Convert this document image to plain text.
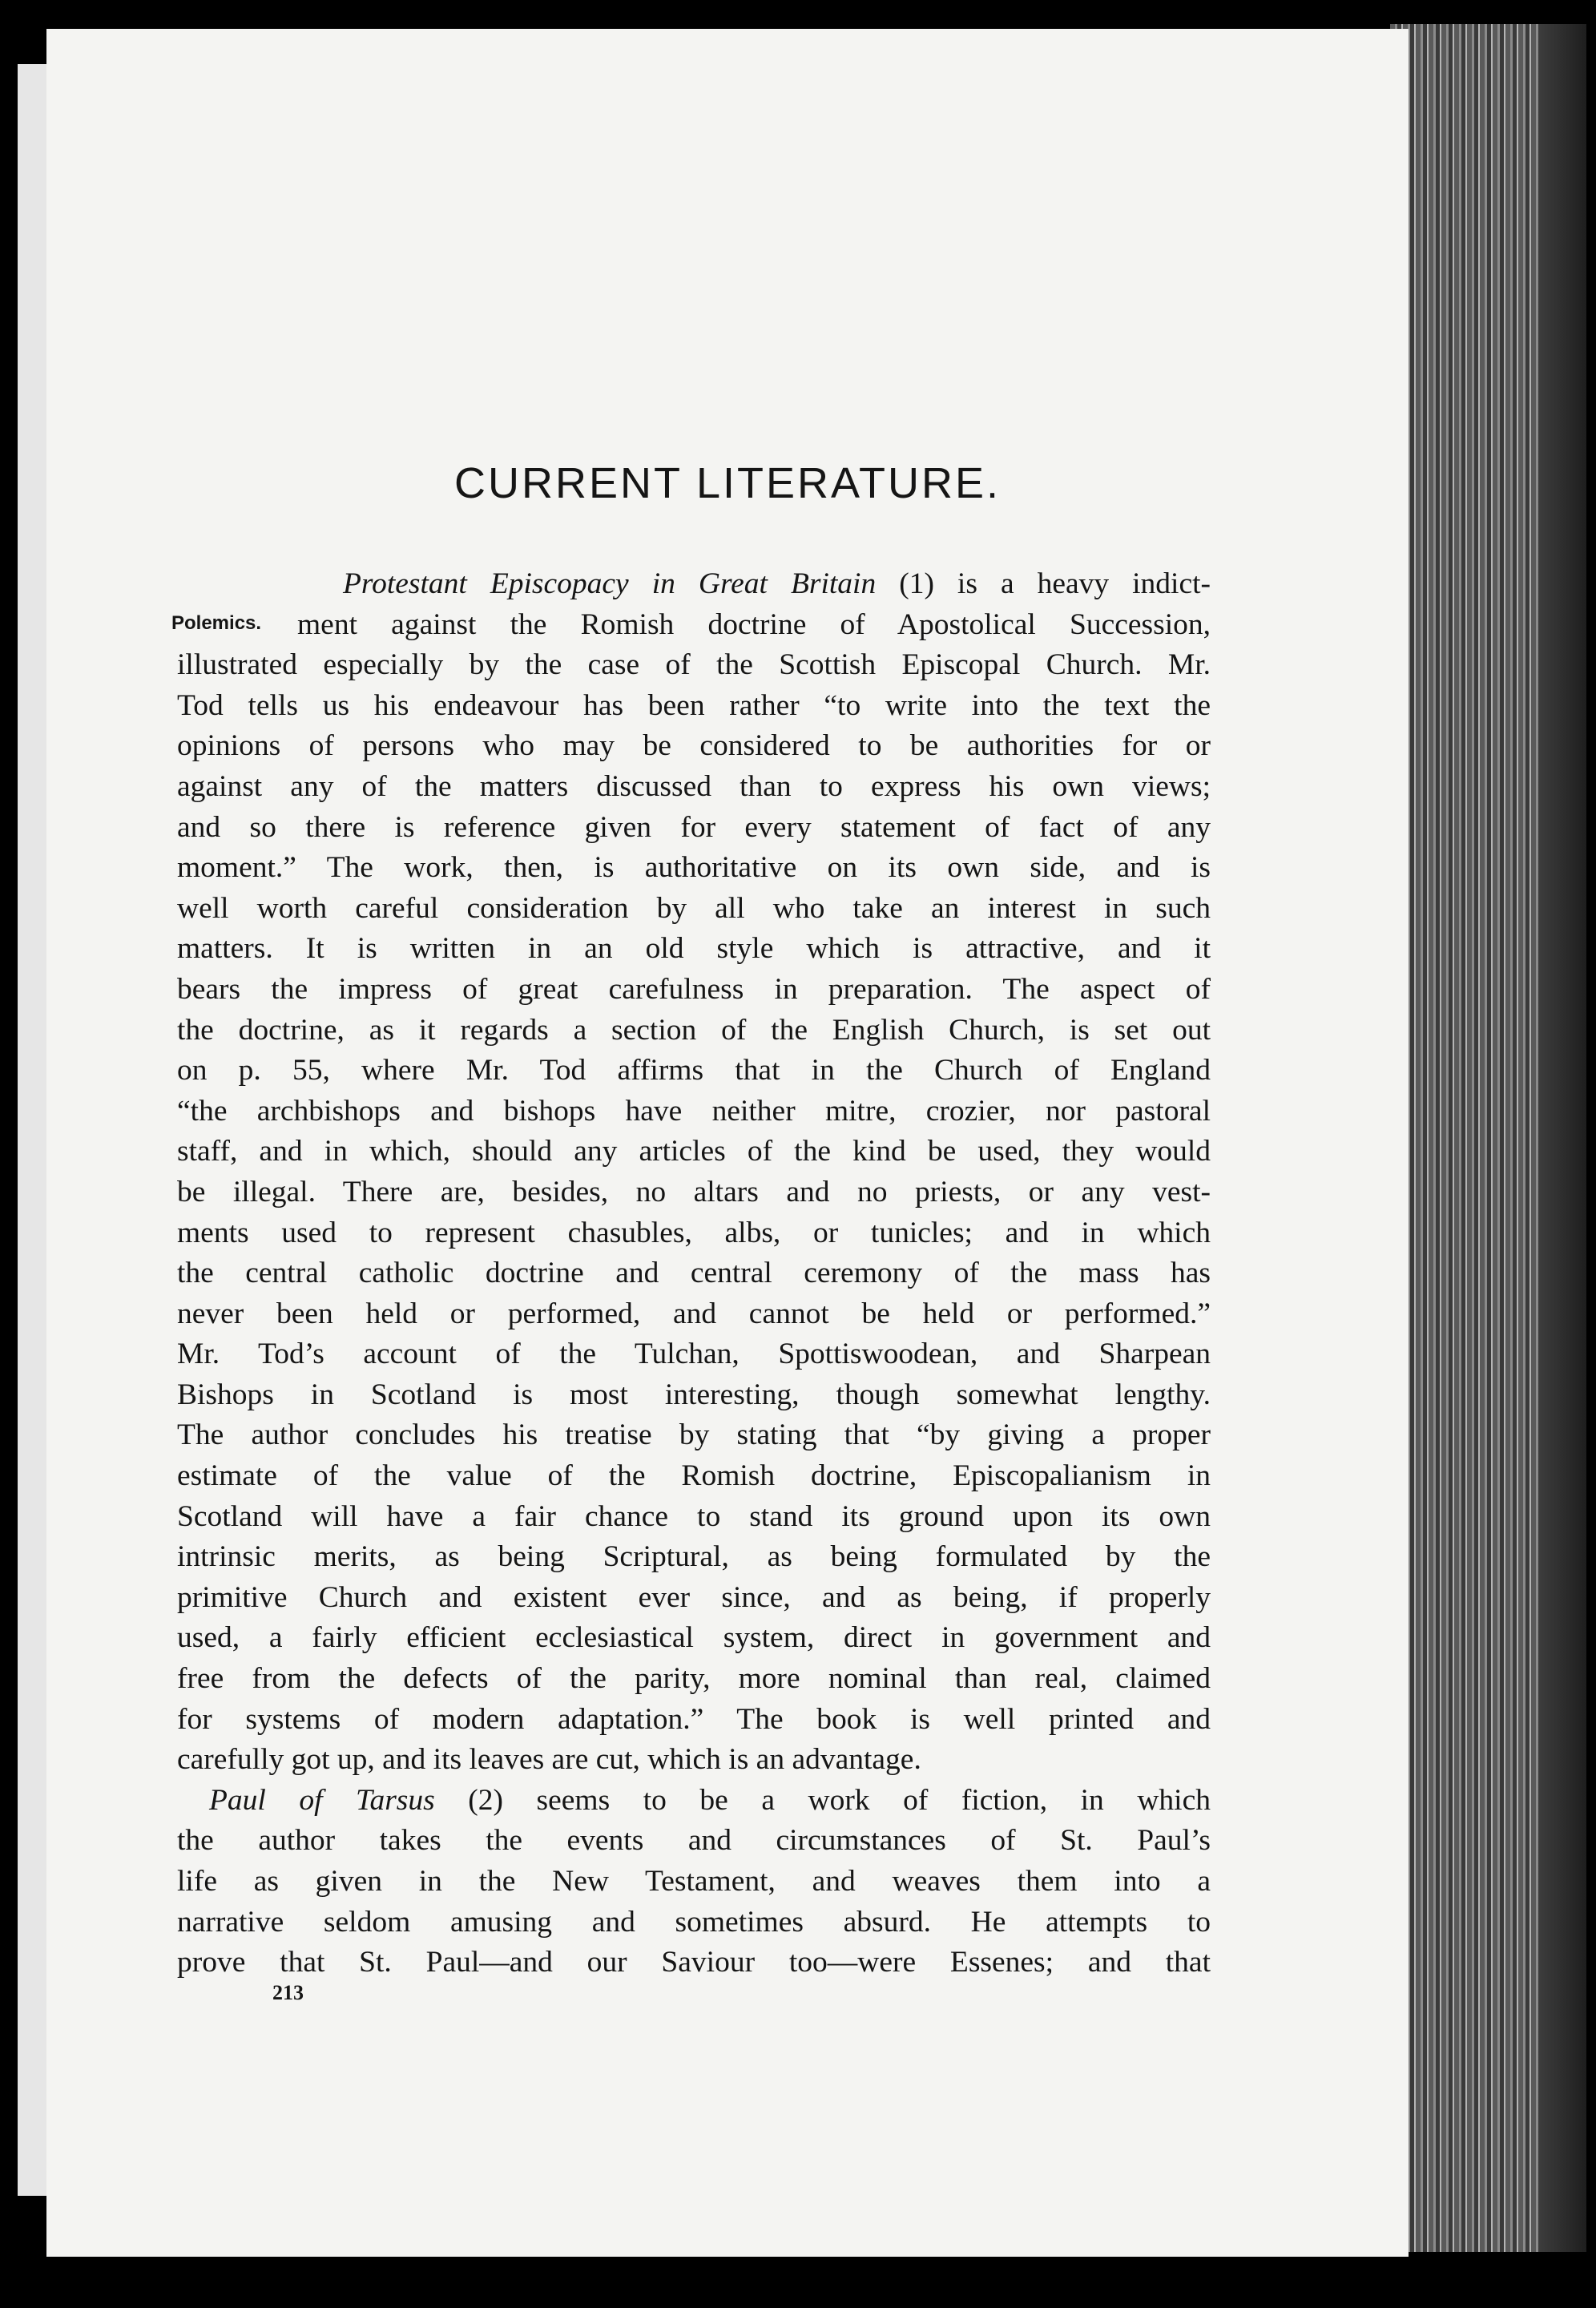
CURRENT LITERATURE.
Polemics.
Protestant Episcopacy in Great Britain (1) is a heavy indict-
ment against the Romish doctrine of Apostolical Succession,
illustrated especially by the case of the Scottish Episcopal Church. Mr.
Tod tells us his endeavour has been rather “to write into the text the
opinions of persons who may be considered to be authorities for or
against any of the matters discussed than to express his own views;
and so there is reference given for every statement of fact of any
moment.” The work, then, is authoritative on its own side, and is
well worth careful consideration by all who take an interest in such
matters. It is written in an old style which is attractive, and it
bears the impress of great carefulness in preparation. The aspect of
the doctrine, as it regards a section of the English Church, is set out
on p. 55, where Mr. Tod affirms that in the Church of England
“the archbishops and bishops have neither mitre, crozier, nor pastoral
staff, and in which, should any articles of the kind be used, they would
be illegal. There are, besides, no altars and no priests, or any vest-
ments used to represent chasubles, albs, or tunicles; and in which
the central catholic doctrine and central ceremony of the mass has
never been held or performed, and cannot be held or performed.”
Mr. Tod’s account of the Tulchan, Spottiswoodean, and Sharpean
Bishops in Scotland is most interesting, though somewhat lengthy.
The author concludes his treatise by stating that “by giving a proper
estimate of the value of the Romish doctrine, Episcopalianism in
Scotland will have a fair chance to stand its ground upon its own
intrinsic merits, as being Scriptural, as being formulated by the
primitive Church and existent ever since, and as being, if properly
used, a fairly efficient ecclesiastical system, direct in government and
free from the defects of the parity, more nominal than real, claimed
for systems of modern adaptation.” The book is well printed and
carefully got up, and its leaves are cut, which is an advantage.
Paul of Tarsus (2) seems to be a work of fiction, in which
the author takes the events and circumstances of St. Paul’s
life as given in the New Testament, and weaves them into a
narrative seldom amusing and sometimes absurd. He attempts to
prove that St. Paul—and our Saviour too—were Essenes; and that
213
